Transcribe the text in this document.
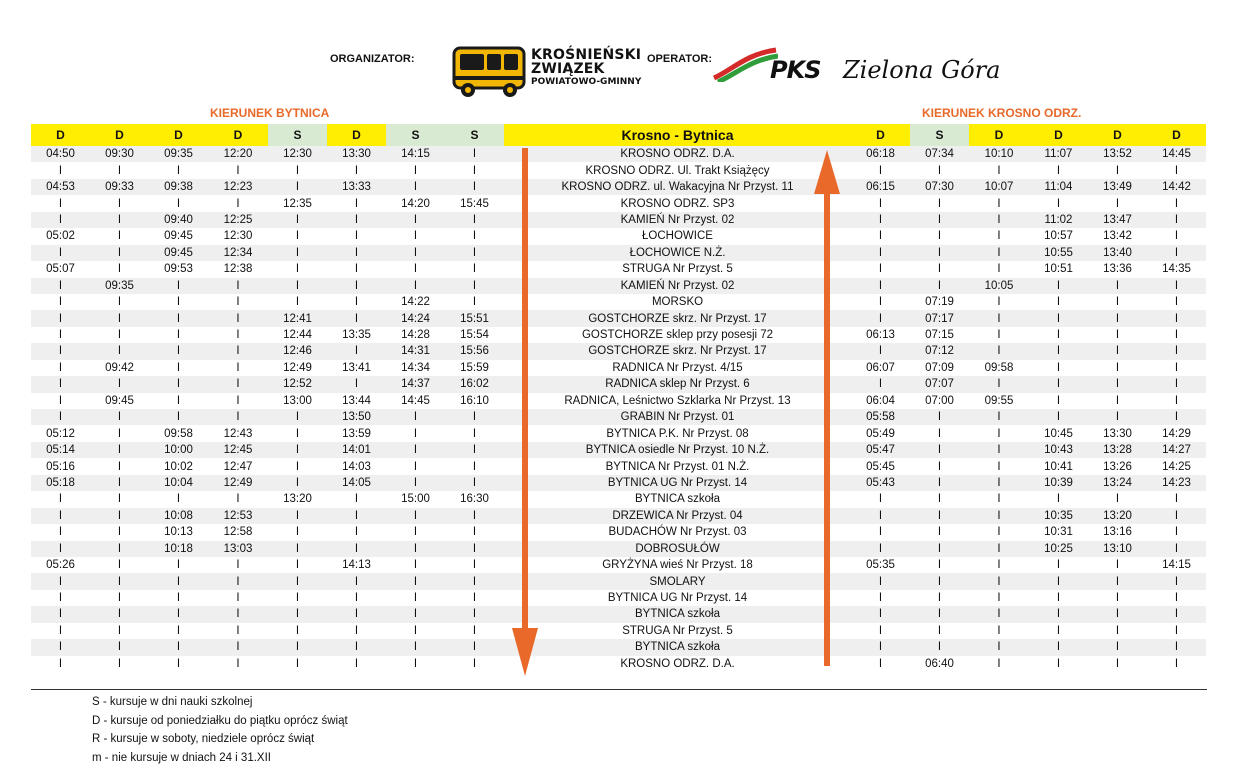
ORGANIZATOR:	KROŚNIEŃSKI
ZWIĄZEK
POWIATOWO-GMINNY
OPERATOR: PKS Zielona Góra
KIERUNEK BYTNICA	KIERUNEK KROSNO ODRZ.
D	D	D	D	S	D	S	S	Krosno - Bytnica	D	S	D	D	D	D
04:50	09:30	09:35	12:20	12:30	13:30	14:15	I	KROSNO ODRZ. D.A.	06:18	07:34	10:10	11:07	13:52	14:45
I	I	I	I	I	I	I	I	KROSNO ODRZ. Ul. Trakt Książęcy	I	I	I	I	I	I
04:53	09:33	09:38	12:23	I	13:33	I	I	KROSNO ODRZ. ul. Wakacyjna Nr Przyst. 11	06:15	07:30	10:07	11:04	13:49	14:42
I	I	I	I	12:35	I	14:20	15:45	KROSNO ODRZ. SP3	I	I	I	I	I	I
I	I	09:40	12:25	I	I	I	I	KAMIEŃ Nr Przyst. 02	I	I	I	11:02	13:47	I
05:02	I	09:45	12:30	I	I	I	I	ŁOCHOWICE	I	I	I	10:57	13:42	I
I	I	09:45	12:34	I	I	I	I	ŁOCHOWICE N.Ż.	I	I	I	10:55	13:40	I
05:07	I	09:53	12:38	I	I	I	I	STRUGA Nr Przyst. 5	I	I	I	10:51	13:36	14:35
I	09:35	I	I	I	I	I	I	KAMIEŃ Nr Przyst. 02	I	I	10:05	I	I	I
I	I	I	I	I	I	14:22	I	MORSKO	I	07:19	I	I	I	I
I	I	I	I	12:41	I	14:24	15:51	GOSTCHORZE skrz. Nr Przyst. 17	I	07:17	I	I	I	I
I	I	I	I	12:44	13:35	14:28	15:54	GOSTCHORZE sklep przy posesji 72	06:13	07:15	I	I	I	I
I	I	I	I	12:46	I	14:31	15:56	GOSTCHORZE skrz. Nr Przyst. 17	I	07:12	I	I	I	I
I	09:42	I	I	12:49	13:41	14:34	15:59	RADNICA Nr Przyst. 4/15	06:07	07:09	09:58	I	I	I
I	I	I	I	12:52	I	14:37	16:02	RADNICA sklep Nr Przyst. 6	I	07:07	I	I	I	I
I	09:45	I	I	13:00	13:44	14:45	16:10	RADNICA, Leśnictwo Szklarka Nr Przyst. 13	06:04	07:00	09:55	I	I	I
I	I	I	I	I	13:50	I	I	GRABIN Nr Przyst. 01	05:58	I	I	I	I	I
05:12	I	09:58	12:43	I	13:59	I	I	BYTNICA P.K. Nr Przyst. 08	05:49	I	I	10:45	13:30	14:29
05:14	I	10:00	12:45	I	14:01	I	I	BYTNICA osiedle Nr Przyst. 10 N.Ż.	05:47	I	I	10:43	13:28	14:27
05:16	I	10:02	12:47	I	14:03	I	I	BYTNICA Nr Przyst. 01 N.Ż.	05:45	I	I	10:41	13:26	14:25
05:18	I	10:04	12:49	I	14:05	I	I	BYTNICA UG Nr Przyst. 14	05:43	I	I	10:39	13:24	14:23
I	I	I	I	13:20	I	15:00	16:30	BYTNICA szkoła	I	I	I	I	I	I
I	I	10:08	12:53	I	I	I	I	DRZEWICA Nr Przyst. 04	I	I	I	10:35	13:20	I
I	I	10:13	12:58	I	I	I	I	BUDACHÓW Nr Przyst. 03	I	I	I	10:31	13:16	I
I	I	10:18	13:03	I	I	I	I	DOBROSUŁÓW	I	I	I	10:25	13:10	I
05:26	I	I	I	I	14:13	I	I	GRYŻYNA wieś Nr Przyst. 18	05:35	I	I	I	I	14:15
I	I	I	I	I	I	I	I	SMOLARY	I	I	I	I	I	I
I	I	I	I	I	I	I	I	BYTNICA UG Nr Przyst. 14	I	I	I	I	I	I
I	I	I	I	I	I	I	I	BYTNICA szkoła	I	I	I	I	I	I
I	I	I	I	I	I	I	I	STRUGA Nr Przyst. 5	I	I	I	I	I	I
I	I	I	I	I	I	I	I	BYTNICA szkoła	I	I	I	I	I	I
I	I	I	I	I	I	I	I	KROSNO ODRZ. D.A.	I	06:40	I	I	I	I
S - kursuje w dni nauki szkolnej
D - kursuje od poniedziałku do piątku oprócz świąt
R - kursuje w soboty, niedziele oprócz świąt
m - nie kursuje w dniach 24 i 31.XII
